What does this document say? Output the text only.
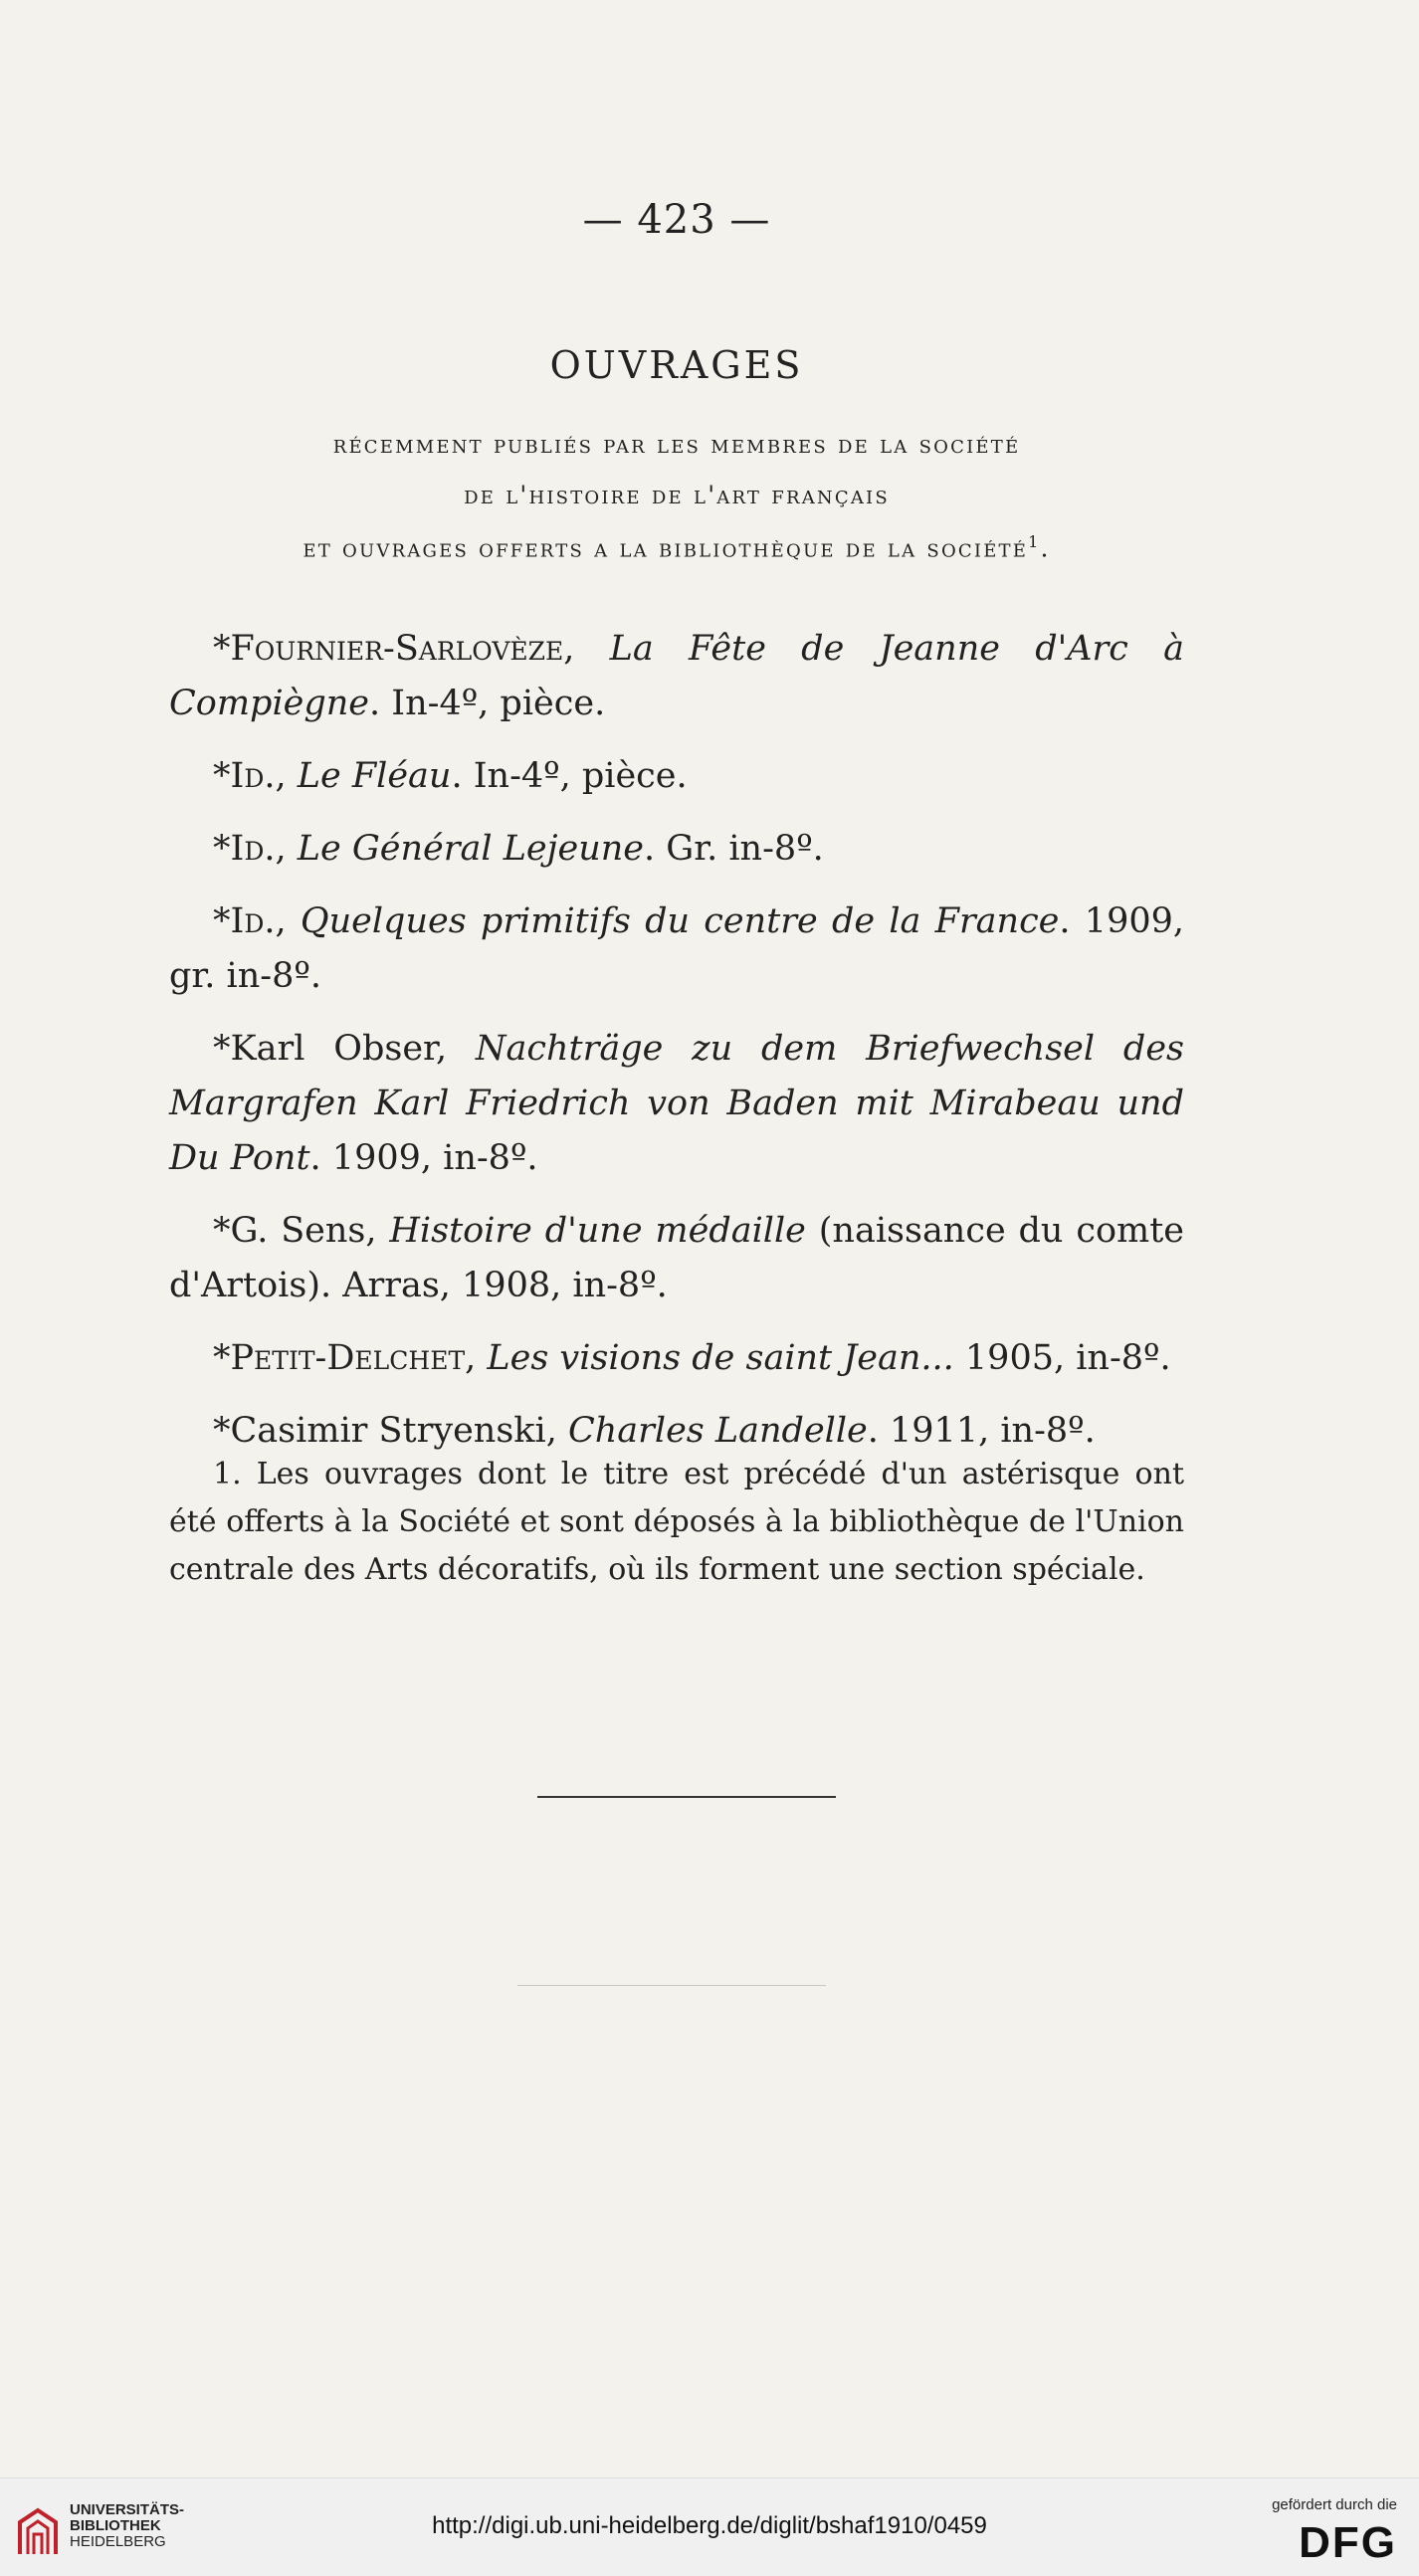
— 423 —
OUVRAGES
récemment publiés par les membres de la société
de l'histoire de l'art français
et ouvrages offerts a la bibliothèque de la société$^1$.
*Fournier-Sarlovèze, La Fête de Jeanne d'Arc à Compiègne. In-4º, pièce.
*Id., Le Fléau. In-4º, pièce.
*Id., Le Général Lejeune. Gr. in-8º.
*Id., Quelques primitifs du centre de la France. 1909, gr. in-8º.
*Karl Obser, Nachträge zu dem Briefwechsel des Margrafen Karl Friedrich von Baden mit Mirabeau und Du Pont. 1909, in-8º.
*G. Sens, Histoire d'une médaille (naissance du comte d'Artois). Arras, 1908, in-8º.
*Petit-Delchet, Les visions de saint Jean... 1905, in-8º.
*Casimir Stryenski, Charles Landelle. 1911, in-8º.
1. Les ouvrages dont le titre est précédé d'un astérisque ont été offerts à la Société et sont déposés à la bibliothèque de l'Union centrale des Arts décoratifs, où ils forment une section spéciale.
UNIVERSITÄTS-
BIBLIOTHEK
HEIDELBERG
http://digi.ub.uni-heidelberg.de/diglit/bshaf1910/0459
gefördert durch die
DFG
